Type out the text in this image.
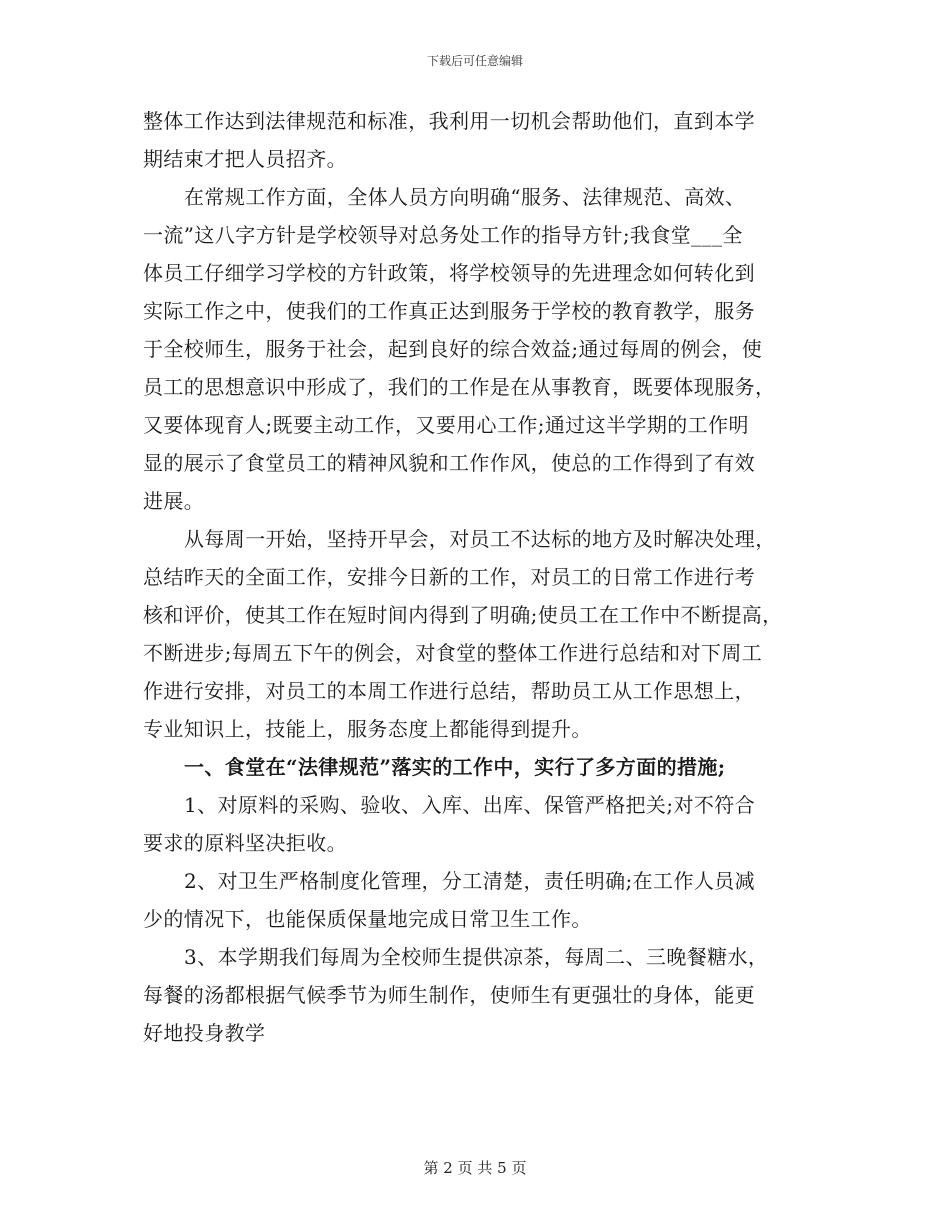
下载后可任意编辑
整体工作达到法律规范和标准，我利用一切机会帮助他们，直到本学
期结束才把人员招齐。
在常规工作方面，全体人员方向明确“服务、法律规范、高效、
一流”这八字方针是学校领导对总务处工作的指导方针;我食堂___全
体员工仔细学习学校的方针政策，将学校领导的先进理念如何转化到
实际工作之中，使我们的工作真正达到服务于学校的教育教学，服务
于全校师生，服务于社会，起到良好的综合效益;通过每周的例会，使
员工的思想意识中形成了，我们的工作是在从事教育，既要体现服务，
又要体现育人;既要主动工作，又要用心工作;通过这半学期的工作明
显的展示了食堂员工的精神风貌和工作作风，使总的工作得到了有效
进展。
从每周一开始，坚持开早会，对员工不达标的地方及时解决处理，
总结昨天的全面工作，安排今日新的工作，对员工的日常工作进行考
核和评价，使其工作在短时间内得到了明确;使员工在工作中不断提高，
不断进步;每周五下午的例会，对食堂的整体工作进行总结和对下周工
作进行安排，对员工的本周工作进行总结，帮助员工从工作思想上，
专业知识上，技能上，服务态度上都能得到提升。
一、食堂在“法律规范”落实的工作中，实行了多方面的措施;
1、对原料的采购、验收、入库、出库、保管严格把关;对不符合
要求的原料坚决拒收。
2、对卫生严格制度化管理，分工清楚，责任明确;在工作人员减
少的情况下，也能保质保量地完成日常卫生工作。
3、本学期我们每周为全校师生提供凉茶，每周二、三晚餐糖水，
每餐的汤都根据气候季节为师生制作，使师生有更强壮的身体，能更
好地投身教学
第 2 页 共 5 页
